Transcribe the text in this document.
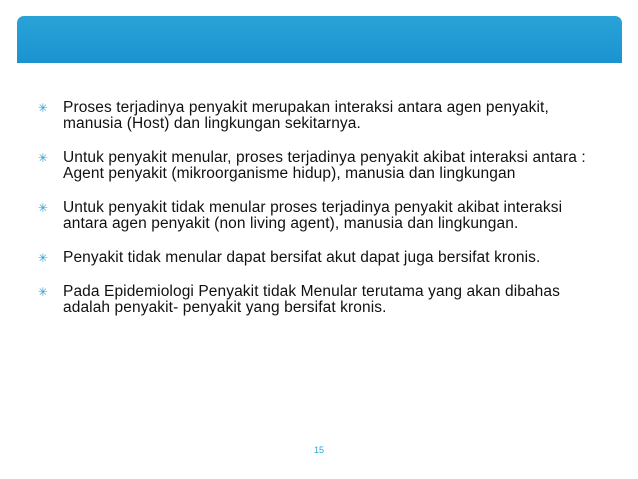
✳ Proses terjadinya penyakit merupakan interaksi antara agen penyakit, manusia (Host) dan lingkungan sekitarnya.
✳ Untuk penyakit menular, proses terjadinya penyakit akibat interaksi antara : Agent penyakit (mikroorganisme hidup), manusia dan lingkungan
✳ Untuk penyakit tidak menular proses terjadinya penyakit akibat interaksi antara agen penyakit (non living agent), manusia dan lingkungan.
✳ Penyakit tidak menular dapat bersifat akut dapat juga bersifat kronis.
✳ Pada Epidemiologi Penyakit tidak Menular terutama yang akan dibahas adalah penyakit- penyakit yang bersifat kronis.
15
